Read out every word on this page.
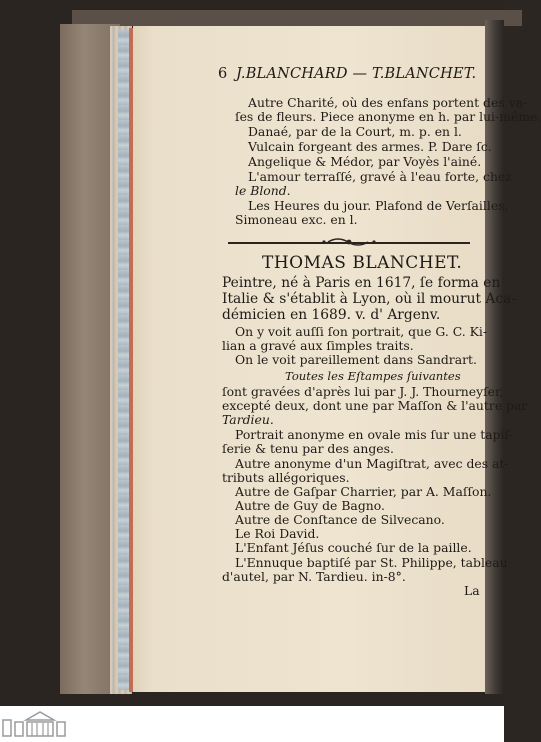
6 J.BLANCHARD — T.BLANCHET.
Autre Charité, où des enfans portent des va-
ſes de fleurs. Piece anonyme en h. par lui-même.
Danaé, par de la Court, m. p. en l.
Vulcain forgeant des armes. P. Dare ſc.
Angelique & Médor, par Voyès l'ainé.
L'amour terraſſé, gravé à l'eau forte, chez
le Blond.
Les Heures du jour. Plafond de Verſailles.
Simoneau exc. en l.
THOMAS BLANCHET.
Peintre, né à Paris en 1617, ſe forma en
Italie & s'établit à Lyon, où il mourut Aca-
démicien en 1689. v. d' Argenv.
On y voit auſſi ſon portrait, que G. C. Ki-
lian a gravé aux ſimples traits.
On le voit pareillement dans Sandrart.
Toutes les Eſtampes ſuivantes
ſont gravées d'après lui par J. J. Thourneyſer,
excepté deux, dont une par Maſſon & l'autre par
Tardieu.
Portrait anonyme en ovale mis ſur une tapiſ-
ſerie & tenu par des anges.
Autre anonyme d'un Magiſtrat, avec des at-
tributs allégoriques.
Autre de Gaſpar Charrier, par A. Maſſon.
Autre de Guy de Bagno.
Autre de Conſtance de Silvecano.
Le Roi David.
L'Enfant Jéſus couché ſur de la paille.
L'Ennuque baptiſé par St. Philippe, tableau
d'autel, par N. Tardieu. in-8°.
La
